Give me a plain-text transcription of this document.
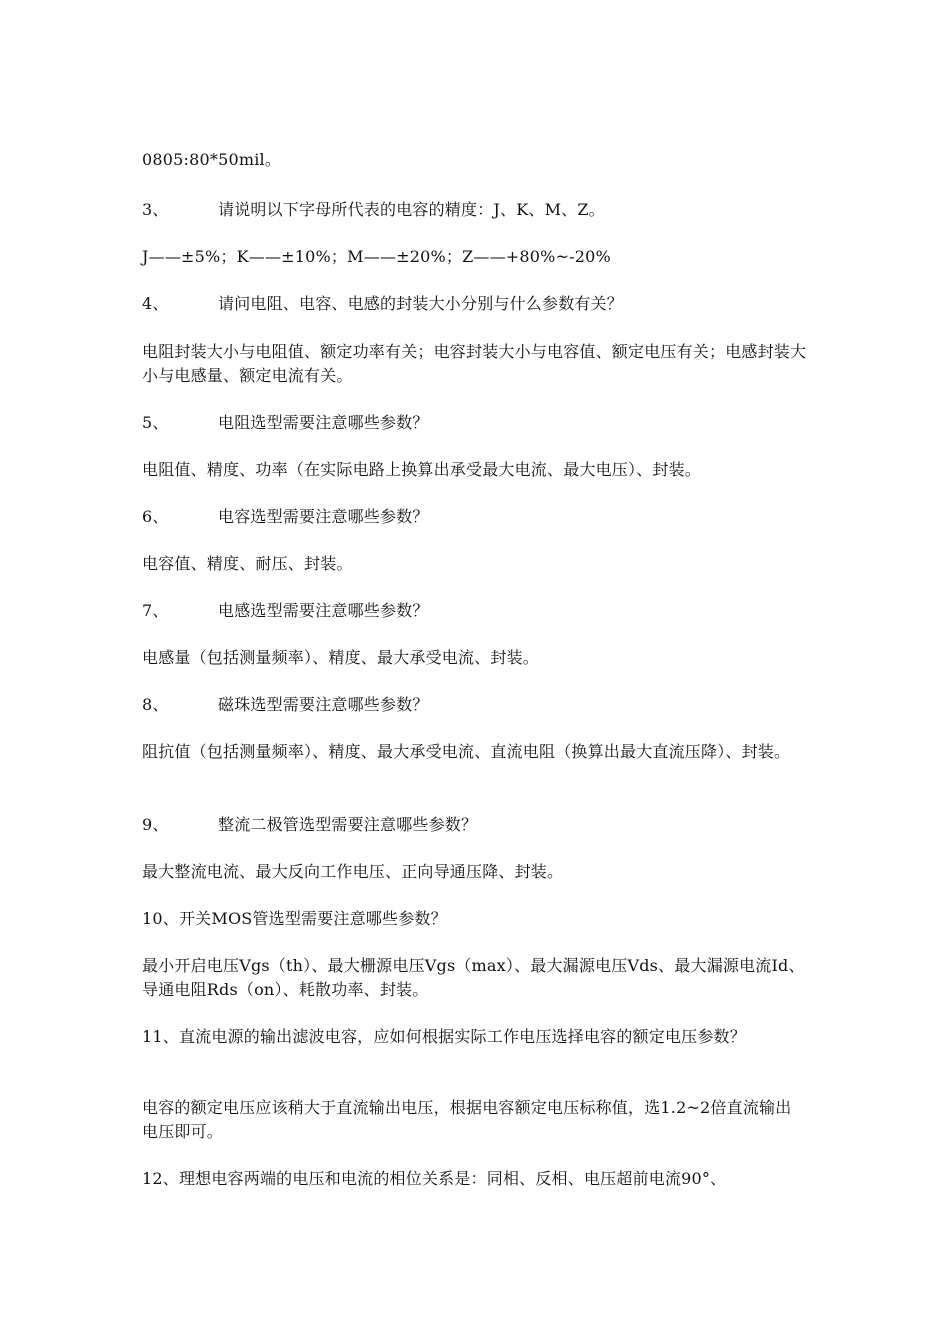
0805:80*50mil。
3、	请说明以下字母所代表的电容的精度：J、K、M、Z。
J——±5%；K——±10%；M——±20%；Z——+80%~-20%
4、	请问电阻、电容、电感的封装大小分别与什么参数有关？
电阻封装大小与电阻值、额定功率有关；电容封装大小与电容值、额定电压有关；电感封装大小与电感量、额定电流有关。
5、	电阻选型需要注意哪些参数？
电阻值、精度、功率（在实际电路上换算出承受最大电流、最大电压）、封装。
6、	电容选型需要注意哪些参数？
电容值、精度、耐压、封装。
7、	电感选型需要注意哪些参数？
电感量（包括测量频率）、精度、最大承受电流、封装。
8、	磁珠选型需要注意哪些参数？
阻抗值（包括测量频率）、精度、最大承受电流、直流电阻（换算出最大直流压降）、封装。
9、	整流二极管选型需要注意哪些参数？
最大整流电流、最大反向工作电压、正向导通压降、封装。
10、开关MOS管选型需要注意哪些参数？
最小开启电压Vgs（th）、最大栅源电压Vgs（max）、最大漏源电压Vds、最大漏源电流Id、导通电阻Rds（on）、耗散功率、封装。
11、直流电源的输出滤波电容，应如何根据实际工作电压选择电容的额定电压参数？
电容的额定电压应该稍大于直流输出电压，根据电容额定电压标称值，选1.2~2倍直流输出电压即可。
12、理想电容两端的电压和电流的相位关系是：同相、反相、电压超前电流90°、
